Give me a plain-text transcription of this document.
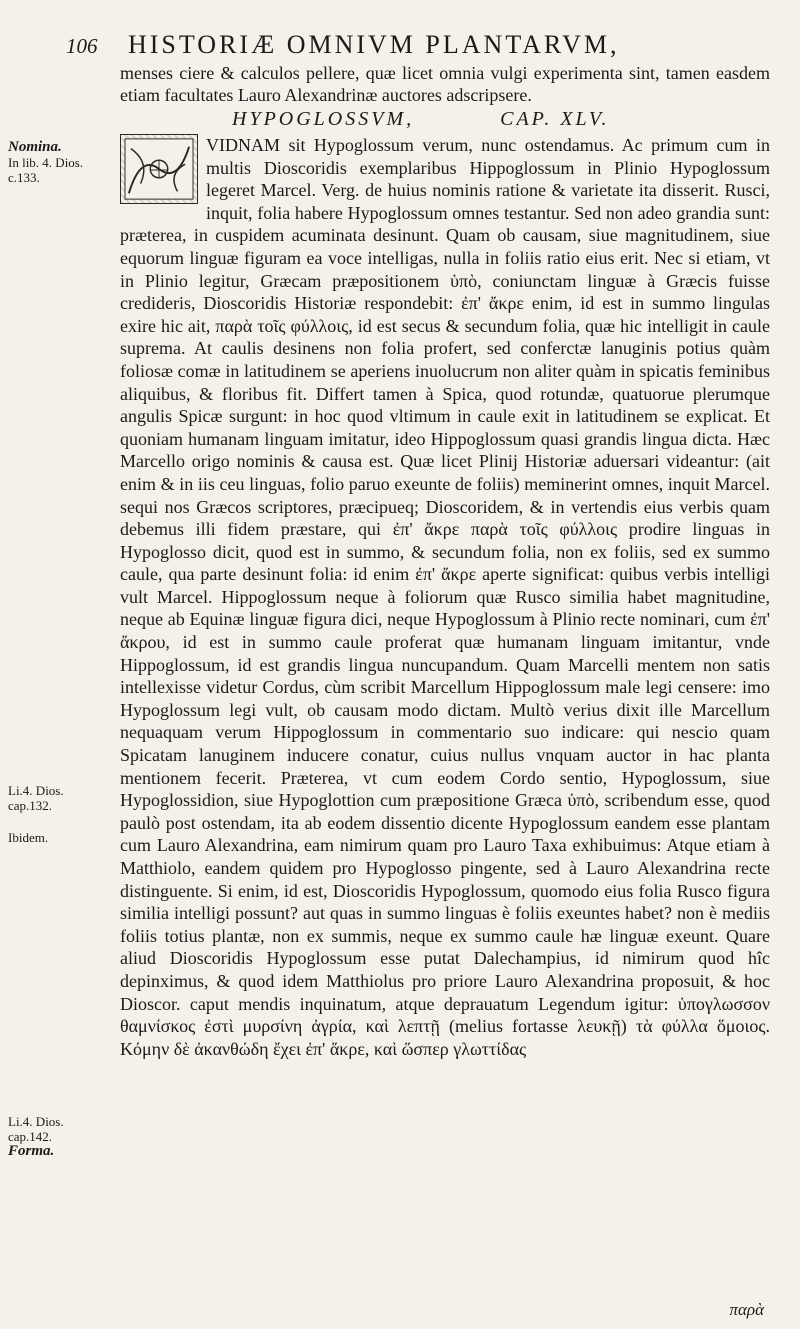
106	HISTORIÆ OMNIVM PLANTARVM,
menses ciere & calculos pellere, quæ licet omnia vulgi experimenta sint, tamen easdem etiam facultates Lauro Alexandrinæ auctores adscripsere.
HYPOGLOSSVM,	CAP. XLV.
Nomina.
In lib. 4. Dios. c.133.
Li.4. Dios. cap.132.
Ibidem.
Li.4. Dios. cap.142.
Forma.

VIDNAM sit Hypoglossum verum, nunc ostendamus. Ac primum cum in multis Dioscoridis exemplaribus Hippoglossum in Plinio Hypoglossum legeret Marcel. Verg. de huius nominis ratione & varietate ita disserit. Rusci, inquit, folia habere Hypoglossum omnes testantur. Sed non adeo grandia sunt: præterea, in cuspidem acuminata desinunt. Quam ob causam, siue magnitudinem, siue equorum linguæ figuram ea voce intelligas, nulla in foliis ratio eius erit. Nec si etiam, vt in Plinio legitur, Græcam præpositionem ὑπὸ, coniunctam linguæ à Græcis fuisse credideris, Dioscoridis Historiæ respondebit: ἐπ' ἄκρε enim, id est in summo lingulas exire hic ait, παρὰ τοῖς φύλλοις, id est secus & secundum folia, quæ hic intelligit in caule suprema. At caulis desinens non folia profert, sed conferctæ lanuginis potius quàm foliosæ comæ in latitudinem se aperiens inuolucrum non aliter quàm in spicatis feminibus aliquibus, & floribus fit. Differt tamen à Spica, quod rotundæ, quatuorue plerumque angulis Spicæ surgunt: in hoc quod vltimum in caule exit in latitudinem se explicat. Et quoniam humanam linguam imitatur, ideo Hippoglossum quasi grandis lingua dicta. Hæc Marcello origo nominis & causa est. Quæ licet Plinij Historiæ aduersari videantur: (ait enim & in iis ceu linguas, folio paruo exeunte de foliis) meminerint omnes, inquit Marcel. sequi nos Græcos scriptores, præcipueq; Dioscoridem, & in vertendis eius verbis quam debemus illi fidem præstare, qui ἐπ' ἄκρε παρὰ τοῖς φύλλοις prodire linguas in Hypoglosso dicit, quod est in summo, & secundum folia, non ex foliis, sed ex summo caule, qua parte desinunt folia: id enim ἐπ' ἄκρε aperte significat: quibus verbis intelligi vult Marcel. Hippoglossum neque à foliorum quæ Rusco similia habet magnitudine, neque ab Equinæ linguæ figura dici, neque Hypoglossum à Plinio recte nominari, cum ἐπ' ἄκρου, id est in summo caule proferat quæ humanam linguam imitantur, vnde Hippoglossum, id est grandis lingua nuncupandum. Quam Marcelli mentem non satis intellexisse videtur Cordus, cùm scribit Marcellum Hippoglossum male legi censere: imo Hypoglossum legi vult, ob causam modo dictam. Multò verius dixit ille Marcellum nequaquam verum Hippoglossum in commentario suo indicare: qui nescio quam Spicatam lanuginem inducere conatur, cuius nullus vnquam auctor in hac planta mentionem fecerit. Præterea, vt cum eodem Cordo sentio, Hypoglossum, siue Hypoglossidion, siue Hypoglottion cum præpositione Græca ὑπὸ, scribendum esse, quod paulò post ostendam, ita ab eodem dissentio dicente Hypoglossum eandem esse plantam cum Lauro Alexandrina, eam nimirum quam pro Lauro Taxa exhibuimus: Atque etiam à Matthiolo, eandem quidem pro Hypoglosso pingente, sed à Lauro Alexandrina recte distinguente. Si enim, id est, Dioscoridis Hypoglossum, quomodo eius folia Rusco figura similia intelligi possunt? aut quas in summo linguas è foliis exeuntes habet? non è mediis foliis totius plantæ, non ex summis, neque ex summo caule hæ linguæ exeunt. Quare aliud Dioscoridis Hypoglossum esse putat Dalechampius, id nimirum quod hîc depinximus, & quod idem Matthiolus pro priore Lauro Alexandrina proposuit, & hoc Dioscor. caput mendis inquinatum, atque deprauatum Legendum igitur: ὑπογλωσσον θαμνίσκος ἐστὶ μυρσίνη ἀγρία, καὶ λεπτῇ (melius fortasse λευκῇ) τὰ φύλλα ὅμοιος. Κόμην δὲ ἀκανθώδη ἔχει ἐπ' ἄκρε, καὶ ὥσπερ γλωττίδας

παρὰ
